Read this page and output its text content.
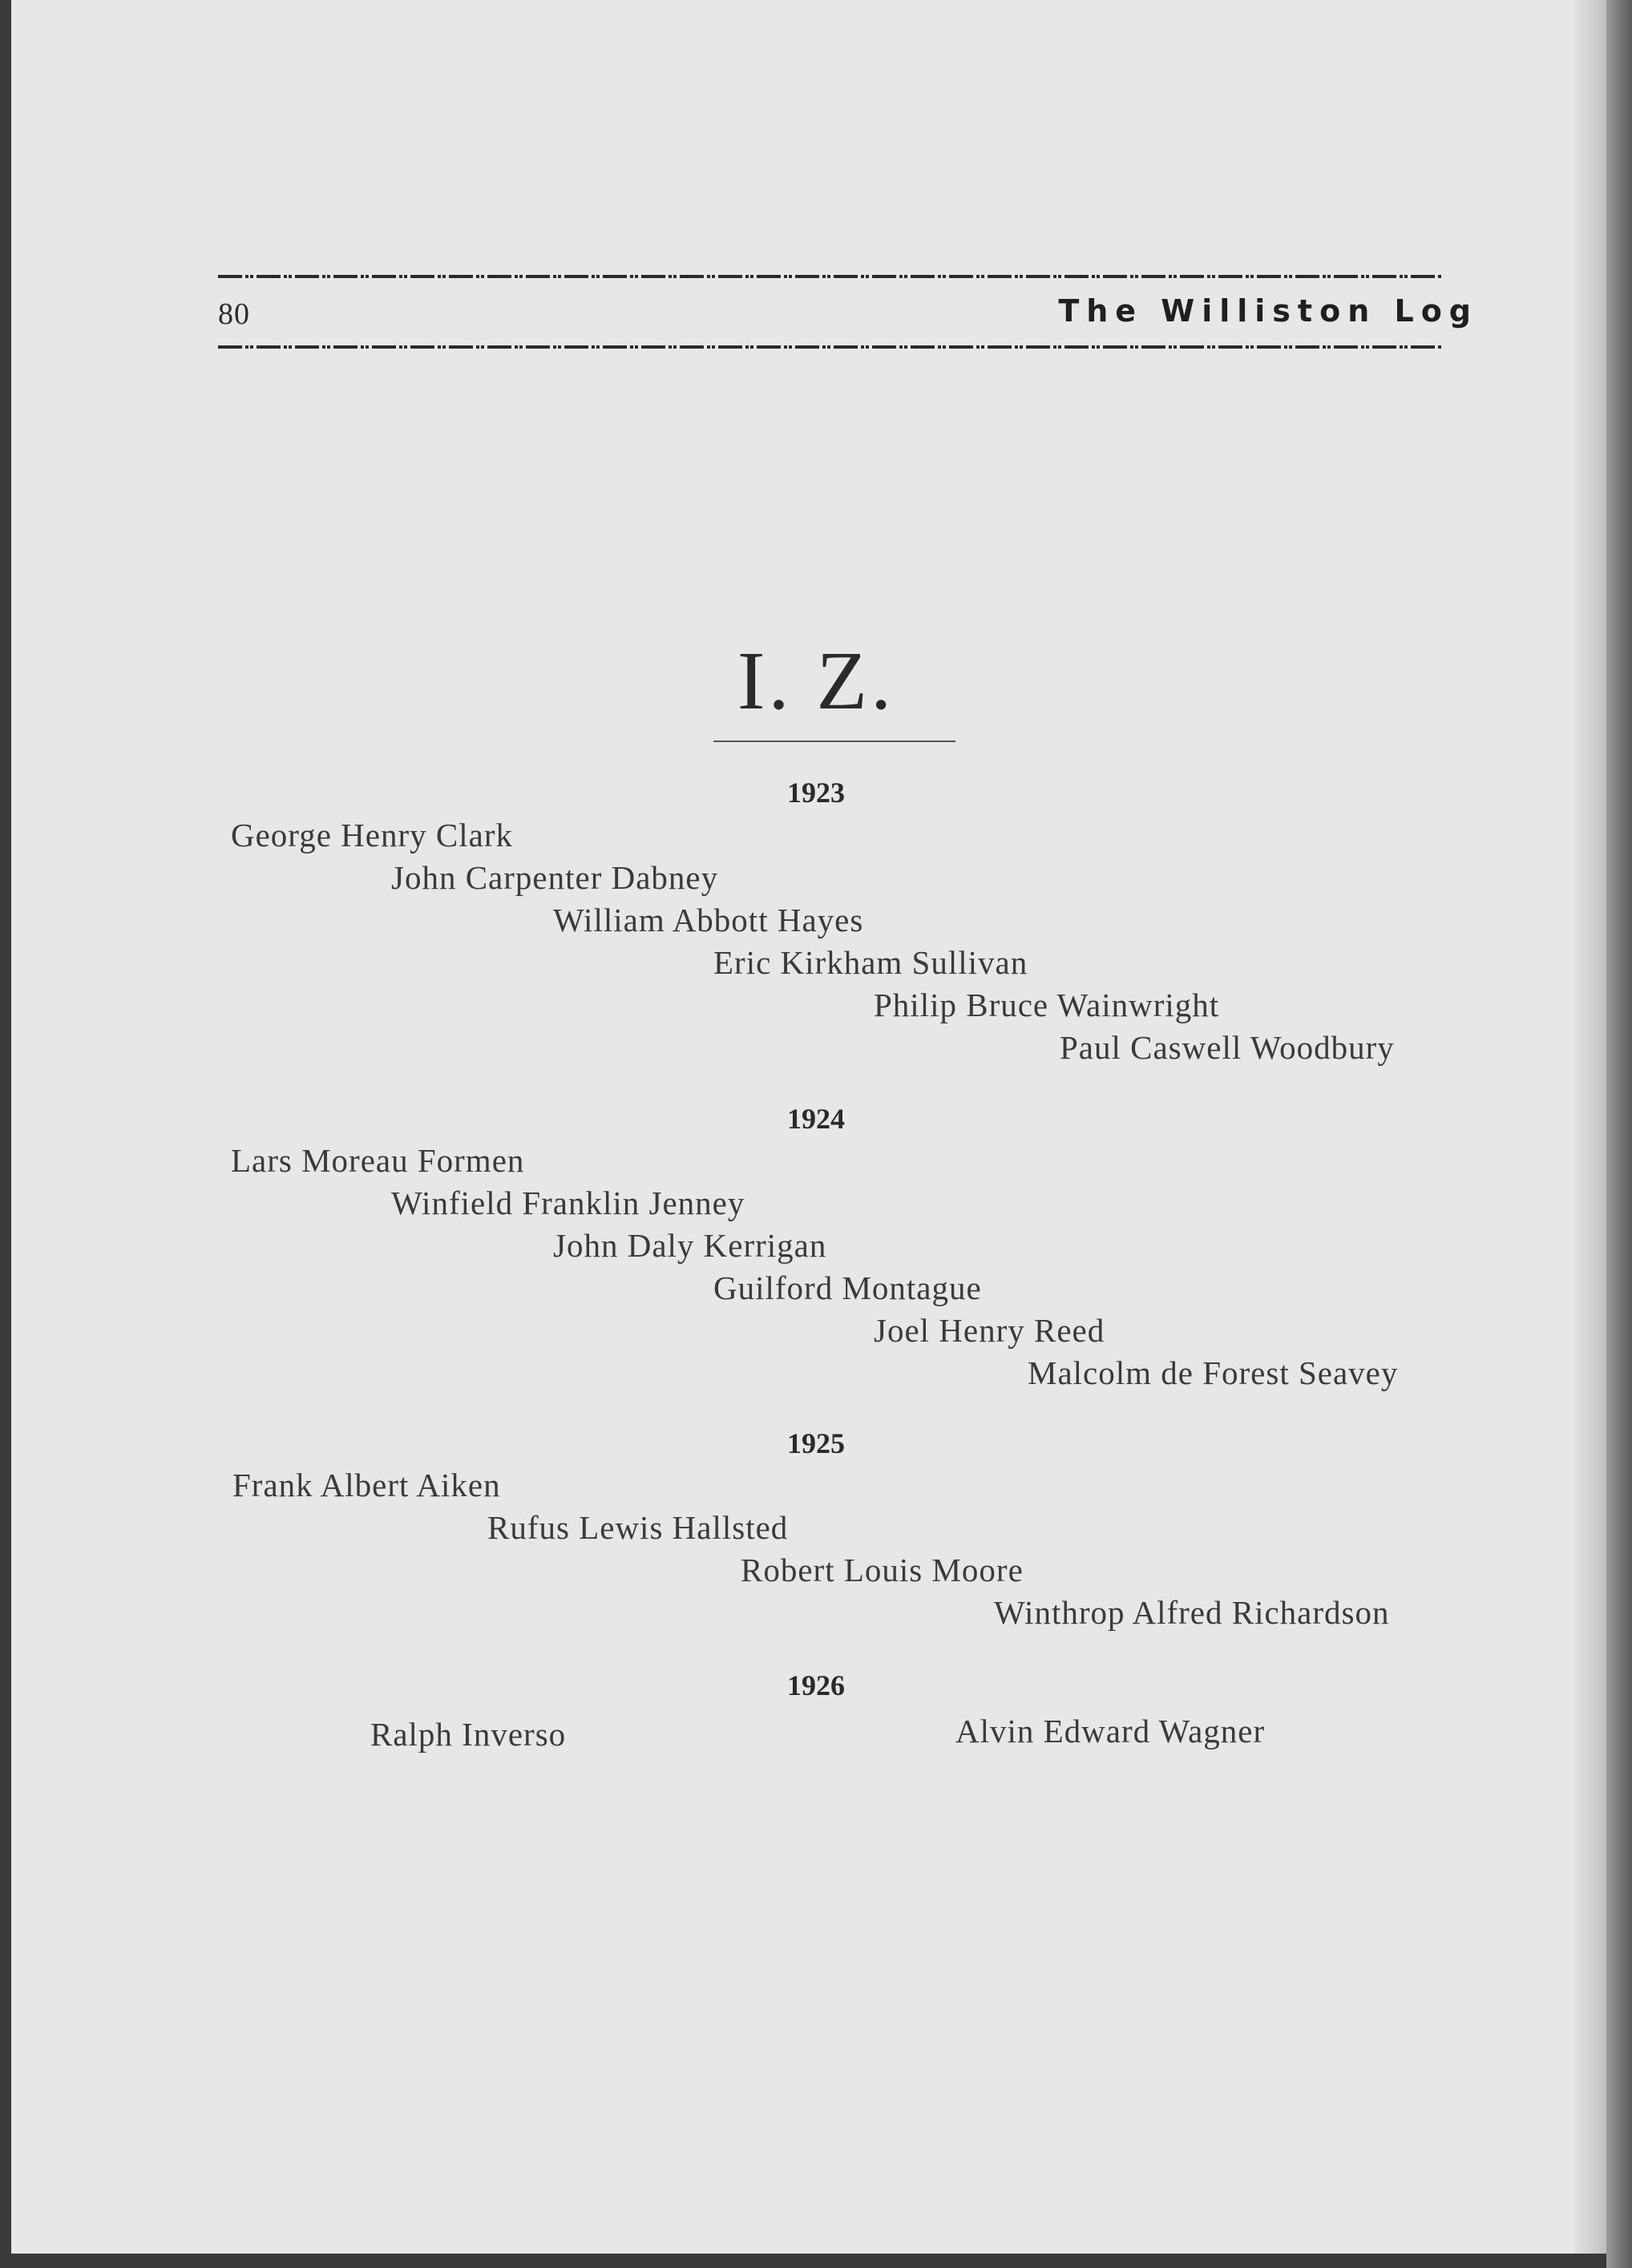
80	The Williston Log
I. Z.
1923
George Henry Clark
John Carpenter Dabney
William Abbott Hayes
Eric Kirkham Sullivan
Philip Bruce Wainwright
Paul Caswell Woodbury
1924
Lars Moreau Formen
Winfield Franklin Jenney
John Daly Kerrigan
Guilford Montague
Joel Henry Reed
Malcolm de Forest Seavey
1925
Frank Albert Aiken
Rufus Lewis Hallsted
Robert Louis Moore
Winthrop Alfred Richardson
1926
Ralph Inverso	Alvin Edward Wagner
